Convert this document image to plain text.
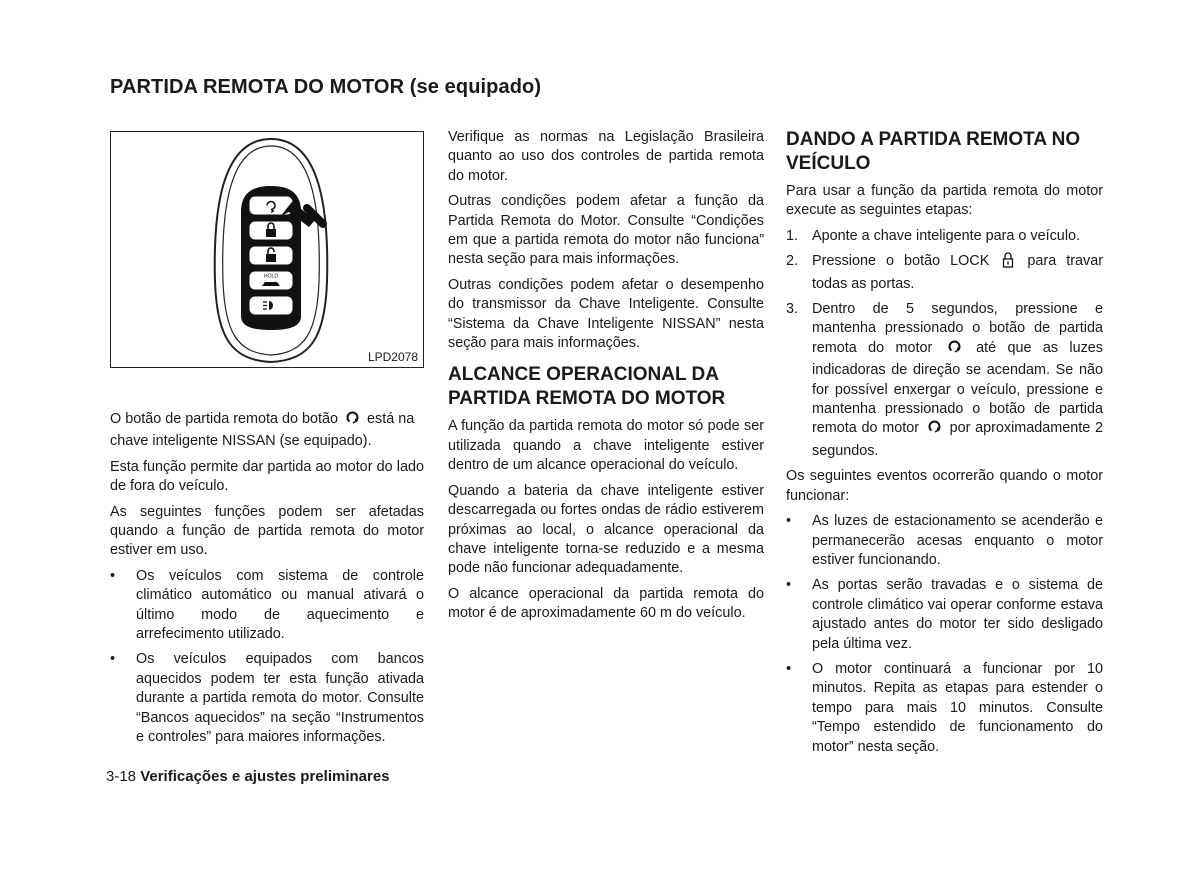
PARTIDA REMOTA DO MOTOR (se equipado)
HOLD
LPD2078

O botão de partida remota do botão está na chave inteligente NISSAN (se equipado).

Esta função permite dar partida ao motor do lado de fora do veículo.

As seguintes funções podem ser afetadas quando a função de partida remota do motor estiver em uso.

• Os veículos com sistema de controle climático automático ou manual ativará o último modo de aquecimento e arrefecimento utilizado.
• Os veículos equipados com bancos aquecidos podem ter esta função ativada durante a partida remota do motor. Consulte “Bancos aquecidos” na seção “Instrumentos e controles” para maiores informações.

Verifique as normas na Legislação Brasileira quanto ao uso dos controles de partida remota do motor.

Outras condições podem afetar a função da Partida Remota do Motor. Consulte “Condições em que a partida remota do motor não funciona” nesta seção para mais informações.

Outras condições podem afetar o desempenho do transmissor da Chave Inteligente. Consulte “Sistema da Chave Inteligente NISSAN” nesta seção para mais informações.

ALCANCE OPERACIONAL DA PARTIDA REMOTA DO MOTOR

A função da partida remota do motor só pode ser utilizada quando a chave inteligente estiver dentro de um alcance operacional do veículo.

Quando a bateria da chave inteligente estiver descarregada ou fortes ondas de rádio estiverem próximas ao local, o alcance operacional da chave inteligente torna-se reduzido e a mesma pode não funcionar adequadamente.

O alcance operacional da partida remota do motor é de aproximadamente 60 m do veículo.

DANDO A PARTIDA REMOTA NO VEÍCULO

Para usar a função da partida remota do motor execute as seguintes etapas:

1. Aponte a chave inteligente para o veículo.
2. Pressione o botão LOCK	para travar todas as portas.
3. Dentro de 5 segundos, pressione e mantenha pressionado o botão de partida remota do motor	até que as luzes indicadoras de direção se acendam. Se não for possível enxergar o veículo, pressione e mantenha pressionado o botão de partida remota do motor por aproximadamente 2 segundos.

Os seguintes eventos ocorrerão quando o motor funcionar:

• As luzes de estacionamento se acenderão e permanecerão acesas enquanto o motor estiver funcionando.
• As portas serão travadas e o sistema de controle climático vai operar conforme estava ajustado antes do motor ter sido desligado pela última vez.
• O motor continuará a funcionar por 10 minutos. Repita as etapas para estender o tempo para mais 10 minutos. Consulte “Tempo estendido de funcionamento do motor” nesta seção.
3-18 Verificações e ajustes preliminares
